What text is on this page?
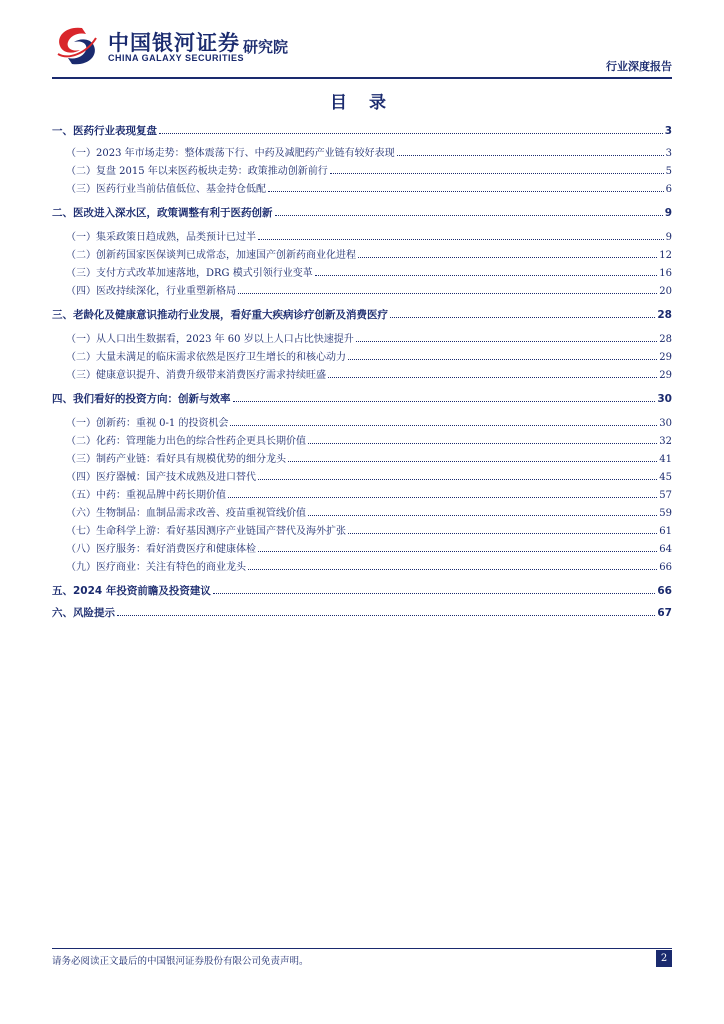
中国银河证券
CHINA GALAXY SECURITIES
研究院
行业深度报告
目 录
一、医药行业表现复盘	3
（一）2023 年市场走势：整体震荡下行、中药及减肥药产业链有较好表现	3
（二）复盘 2015 年以来医药板块走势：政策推动创新前行	5
（三）医药行业当前估值低位、基金持仓低配	6
二、医改进入深水区，政策调整有利于医药创新	9
（一）集采政策日趋成熟，品类预计已过半	9
（二）创新药国家医保谈判已成常态，加速国产创新药商业化进程	12
（三）支付方式改革加速落地，DRG 模式引领行业变革	16
（四）医改持续深化，行业重塑新格局	20
三、老龄化及健康意识推动行业发展，看好重大疾病诊疗创新及消费医疗	28
（一）从人口出生数据看，2023 年 60 岁以上人口占比快速提升	28
（二）大量未满足的临床需求依然是医疗卫生增长的和核心动力	29
（三）健康意识提升、消费升级带来消费医疗需求持续旺盛	29
四、我们看好的投资方向：创新与效率	30
（一）创新药：重视 0-1 的投资机会	30
（二）化药：管理能力出色的综合性药企更具长期价值	32
（三）制药产业链：看好具有规模优势的细分龙头	41
（四）医疗器械：国产技术成熟及进口替代	45
（五）中药：重视品牌中药长期价值	57
（六）生物制品：血制品需求改善、疫苗重视管线价值	59
（七）生命科学上游：看好基因测序产业链国产替代及海外扩张	61
（八）医疗服务：看好消费医疗和健康体检	64
（九）医疗商业：关注有特色的商业龙头	66
五、2024 年投资前瞻及投资建议	66
六、风险提示	67
请务必阅读正文最后的中国银河证券股份有限公司免责声明。	2
